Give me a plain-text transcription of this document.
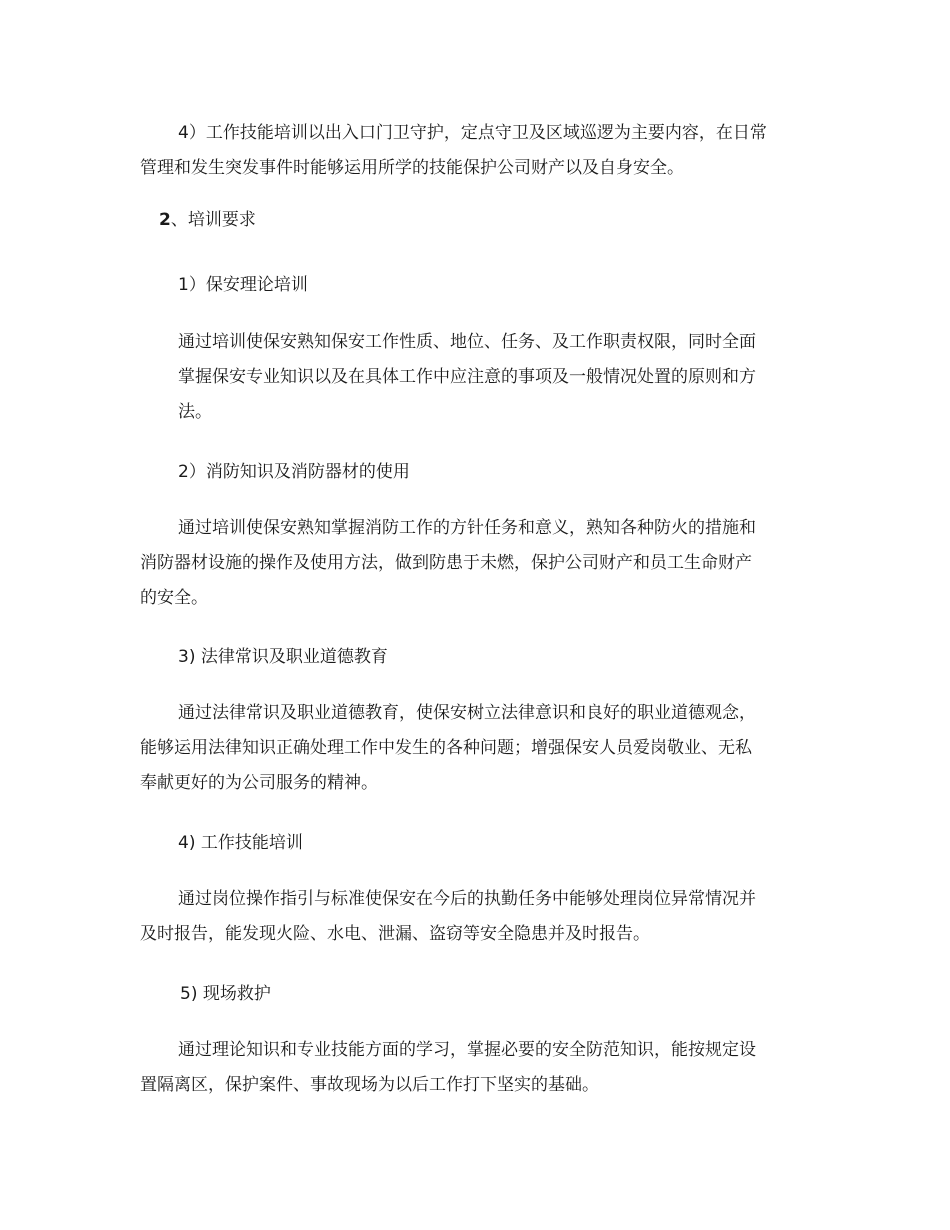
4）工作技能培训以出入口门卫守护，定点守卫及区域巡逻为主要内容，在日常
管理和发生突发事件时能够运用所学的技能保护公司财产以及自身安全。
2、培训要求
1）保安理论培训
通过培训使保安熟知保安工作性质、地位、任务、及工作职责权限，同时全面
掌握保安专业知识以及在具体工作中应注意的事项及一般情况处置的原则和方
法。
2）消防知识及消防器材的使用
通过培训使保安熟知掌握消防工作的方针任务和意义，熟知各种防火的措施和
消防器材设施的操作及使用方法，做到防患于未燃，保护公司财产和员工生命财产
的安全。
3) 法律常识及职业道德教育
通过法律常识及职业道德教育，使保安树立法律意识和良好的职业道德观念，
能够运用法律知识正确处理工作中发生的各种问题；增强保安人员爱岗敬业、无私
奉献更好的为公司服务的精神。
4) 工作技能培训
通过岗位操作指引与标准使保安在今后的执勤任务中能够处理岗位异常情况并
及时报告，能发现火险、水电、泄漏、盗窃等安全隐患并及时报告。
5) 现场救护
通过理论知识和专业技能方面的学习，掌握必要的安全防范知识，能按规定设
置隔离区，保护案件、事故现场为以后工作打下坚实的基础。
